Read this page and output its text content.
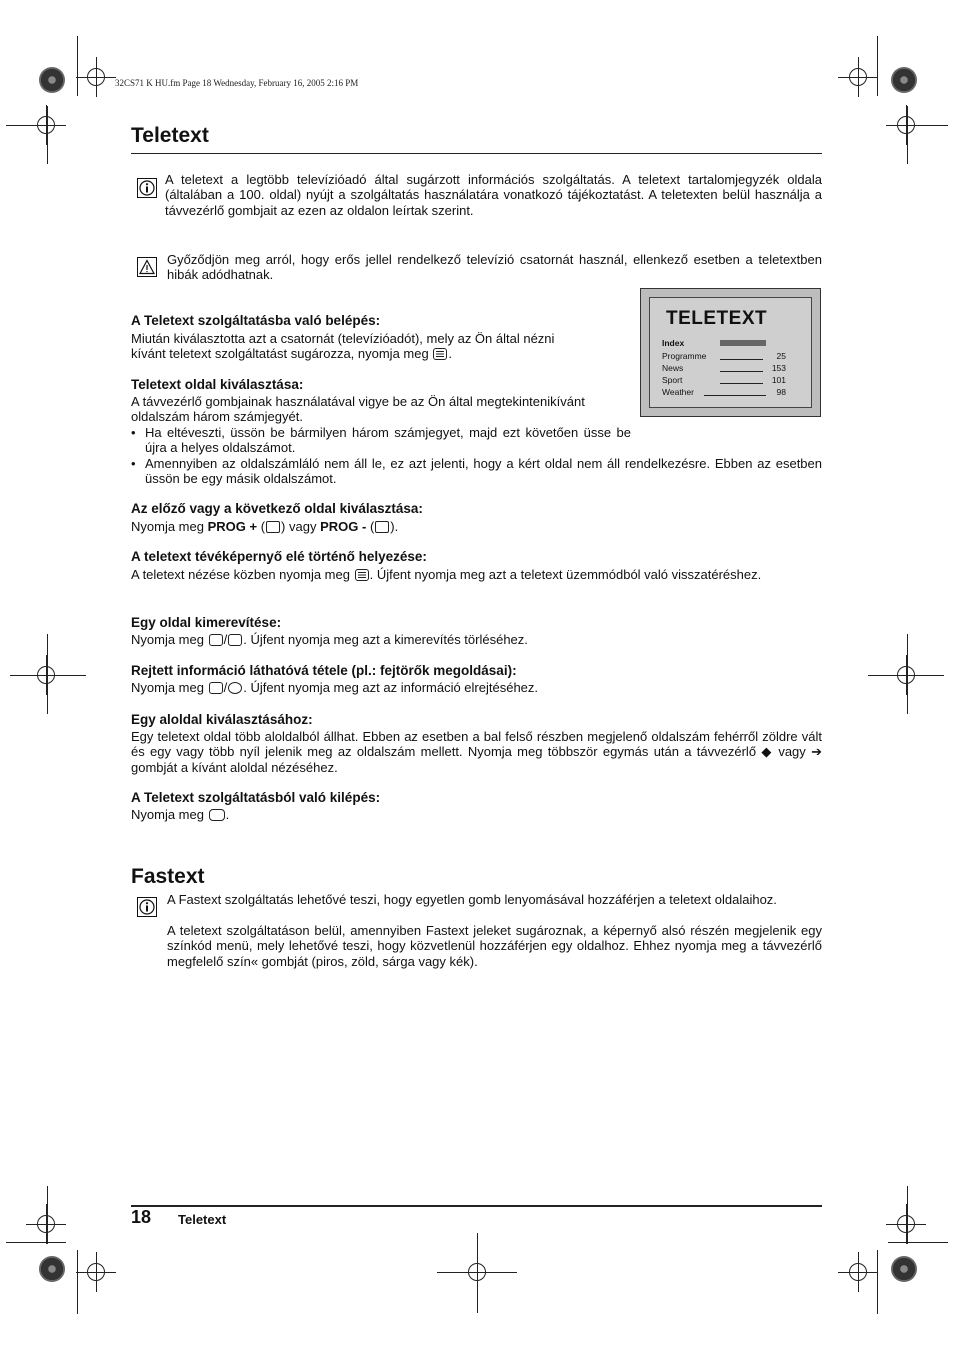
32CS71 K HU.fm Page 18 Wednesday, February 16, 2005 2:16 PM
Teletext
A teletext a legtöbb televízióadó által sugárzott információs szolgáltatás. A teletext tartalomjegyzék oldala (általában a 100. oldal) nyújt a szolgáltatás használatára vonatkozó tájékoztatást. A teletexten belül használja a távvezérlő gombjait az ezen az oldalon leírtak szerint.
Győződjön meg arról, hogy erős jellel rendelkező televízió csatornát használ, ellenkező esetben a teletextben hibák adódhatnak.
TELETEXT
Index
Programme	25
News	153
Sport	101
Weather	98
A Teletext szolgáltatásba való belépés:
Miután kiválasztotta azt a csatornát (televízióadót), mely az Ön által nézni kívánt teletext szolgáltatást sugározza, nyomja meg .
Teletext oldal kiválasztása:
A távvezérlő gombjainak használatával vigye be az Ön által megtekintenikívánt oldalszám három számjegyét.
• Ha eltéveszti, üssön be bármilyen három számjegyet, majd ezt követően üsse be újra a helyes oldalszámot.
• Amennyiben az oldalszámláló nem áll le, ez azt jelenti, hogy a kért oldal nem áll rendelkezésre. Ebben az esetben üssön be egy másik oldalszámot.
Az előző vagy a következő oldal kiválasztása:
Nyomja meg PROG + ( ) vagy PROG - ( ).
A teletext tévéképernyő elé történő helyezése:
A teletext nézése közben nyomja meg . Újfent nyomja meg azt a teletext üzemmódból való visszatéréshez.
Egy oldal kimerevítése:
Nyomja meg / . Újfent nyomja meg azt a kimerevítés törléséhez.
Rejtett információ láthatóvá tétele (pl.: fejtörők megoldásai):
Nyomja meg / . Újfent nyomja meg azt az információ elrejtéséhez.
Egy aloldal kiválasztásához:
Egy teletext oldal több aloldalból állhat. Ebben az esetben a bal felső részben megjelenő oldalszám fehérről zöldre vált és egy vagy több nyíl jelenik meg az oldalszám mellett. Nyomja meg többször egymás után a távvezérlő ◆ vagy ➔ gombját a kívánt aloldal nézéséhez.
A Teletext szolgáltatásból való kilépés:
Nyomja meg .
Fastext
A Fastext szolgáltatás lehetővé teszi, hogy egyetlen gomb lenyomásával hozzáférjen a teletext oldalaihoz.
A teletext szolgáltatáson belül, amennyiben Fastext jeleket sugároznak, a képernyő alsó részén megjelenik egy színkód menü, mely lehetővé teszi, hogy közvetlenül hozzáférjen egy oldalhoz. Ehhez nyomja meg a távvezérlő megfelelő szín« gombját (piros, zöld, sárga vagy kék).
18 Teletext
